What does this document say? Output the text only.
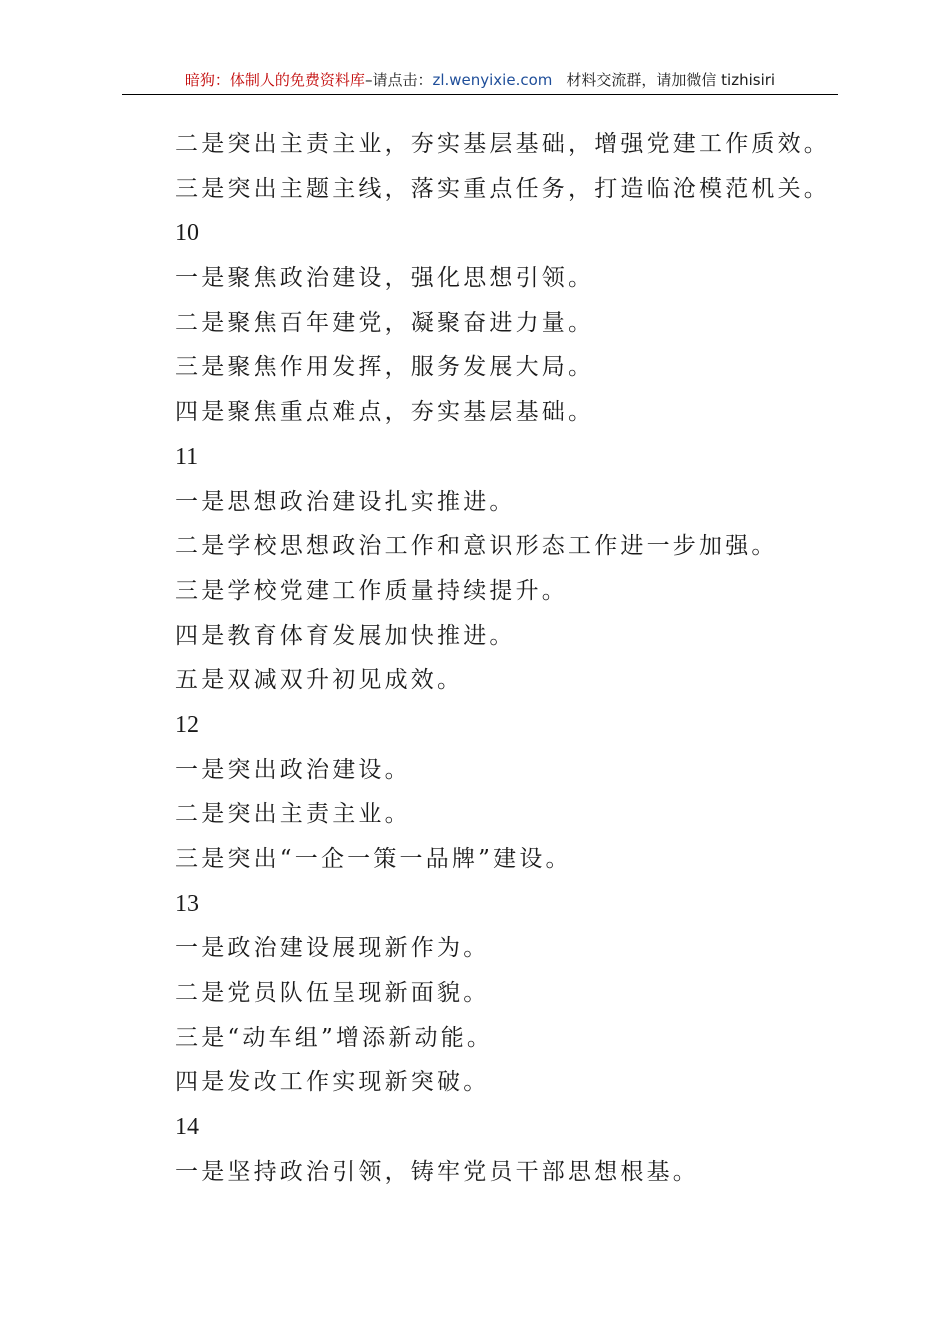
暗狗：体制人的免费资料库–请点击：zl.wenyixie.com 材料交流群，请加微信 tizhisiri
二是突出主责主业，夯实基层基础，增强党建工作质效。
三是突出主题主线，落实重点任务，打造临沧模范机关。
10
一是聚焦政治建设，强化思想引领。
二是聚焦百年建党，凝聚奋进力量。
三是聚焦作用发挥，服务发展大局。
四是聚焦重点难点，夯实基层基础。
11
一是思想政治建设扎实推进。
二是学校思想政治工作和意识形态工作进一步加强。
三是学校党建工作质量持续提升。
四是教育体育发展加快推进。
五是双减双升初见成效。
12
一是突出政治建设。
二是突出主责主业。
三是突出“一企一策一品牌”建设。
13
一是政治建设展现新作为。
二是党员队伍呈现新面貌。
三是“动车组”增添新动能。
四是发改工作实现新突破。
14
一是坚持政治引领，铸牢党员干部思想根基。
